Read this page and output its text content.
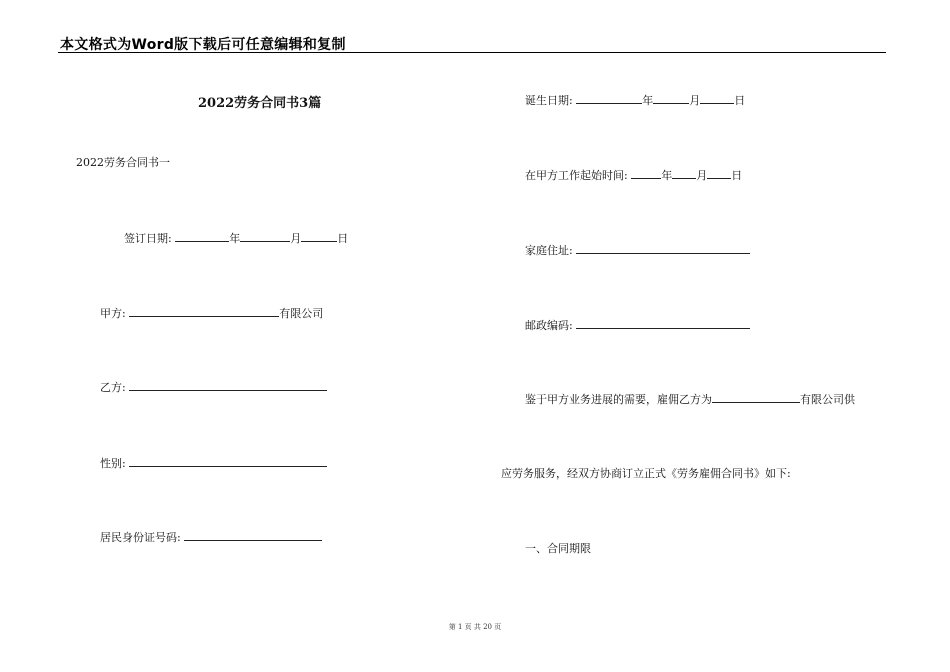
本文格式为Word版下载后可任意编辑和复制
2022劳务合同书3篇
2022劳务合同书一
签订日期:	年	月	日
甲方:	有限公司
乙方:
性别:
居民身份证号码:
诞生日期:	年	月	日
在甲方工作起始时间:	年 月 日
家庭住址:
邮政编码:
鉴于甲方业务进展的需要，雇佣乙方为	有限公司供
应劳务服务，经双方协商订立正式《劳务雇佣合同书》如下:
一、合同期限
第 1 页 共 20 页
